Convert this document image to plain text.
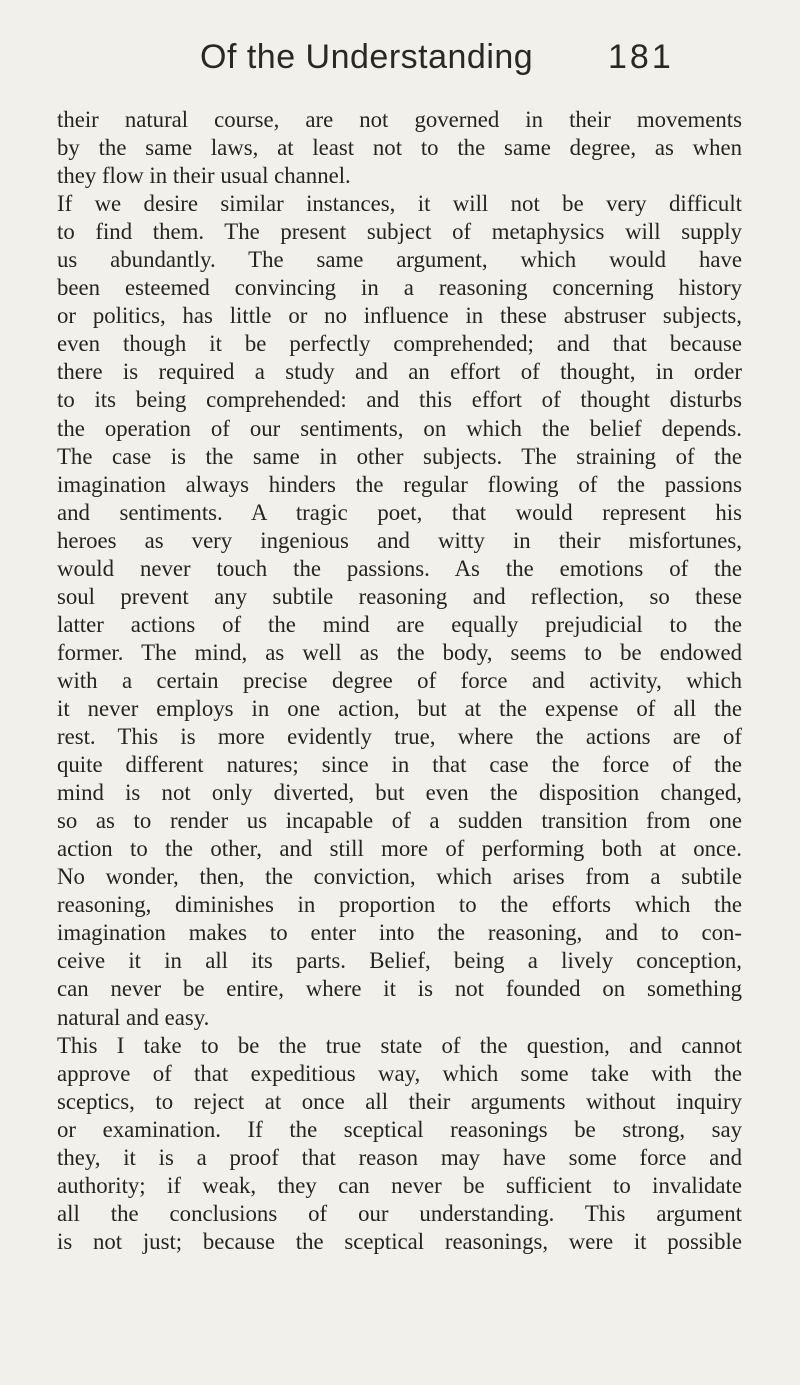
Of the Understanding 181
their natural course, are not governed in their movements
by the same laws, at least not to the same degree, as when
they flow in their usual channel.
If we desire similar instances, it will not be very difficult
to find them. The present subject of metaphysics will supply
us abundantly. The same argument, which would have
been esteemed convincing in a reasoning concerning history
or politics, has little or no influence in these abstruser subjects,
even though it be perfectly comprehended; and that because
there is required a study and an effort of thought, in order
to its being comprehended: and this effort of thought disturbs
the operation of our sentiments, on which the belief depends.
The case is the same in other subjects. The straining of the
imagination always hinders the regular flowing of the passions
and sentiments. A tragic poet, that would represent his
heroes as very ingenious and witty in their misfortunes,
would never touch the passions. As the emotions of the
soul prevent any subtile reasoning and reflection, so these
latter actions of the mind are equally prejudicial to the
former. The mind, as well as the body, seems to be endowed
with a certain precise degree of force and activity, which
it never employs in one action, but at the expense of all the
rest. This is more evidently true, where the actions are of
quite different natures; since in that case the force of the
mind is not only diverted, but even the disposition changed,
so as to render us incapable of a sudden transition from one
action to the other, and still more of performing both at once.
No wonder, then, the conviction, which arises from a subtile
reasoning, diminishes in proportion to the efforts which the
imagination makes to enter into the reasoning, and to con-
ceive it in all its parts. Belief, being a lively conception,
can never be entire, where it is not founded on something
natural and easy.
This I take to be the true state of the question, and cannot
approve of that expeditious way, which some take with the
sceptics, to reject at once all their arguments without inquiry
or examination. If the sceptical reasonings be strong, say
they, it is a proof that reason may have some force and
authority; if weak, they can never be sufficient to invalidate
all the conclusions of our understanding. This argument
is not just; because the sceptical reasonings, were it possible
